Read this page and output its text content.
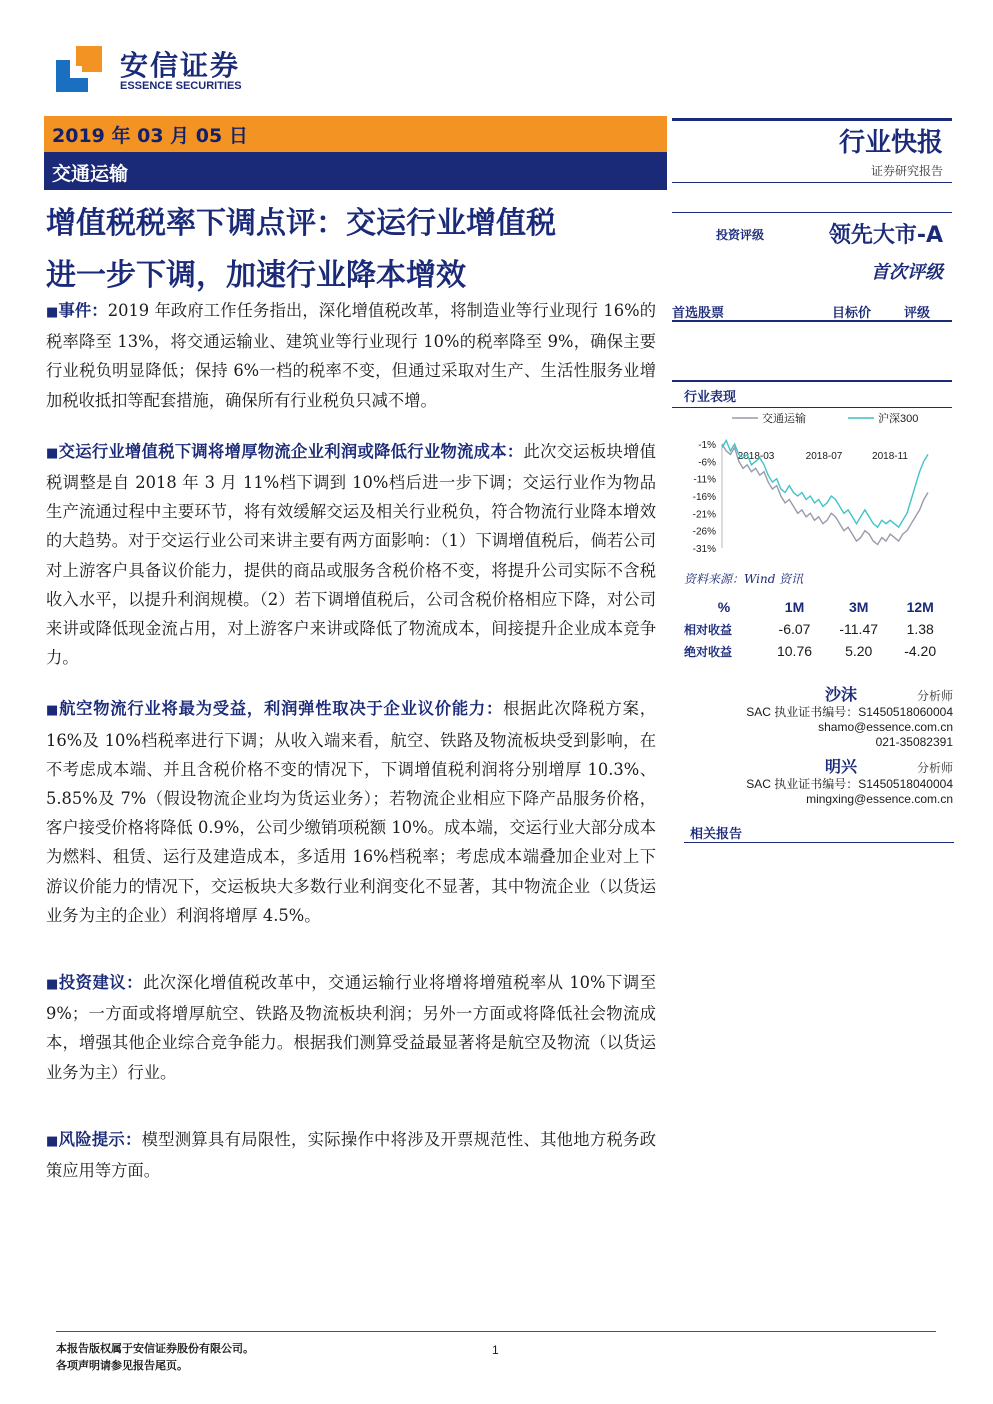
安信证券
ESSENCE SECURITIES
2019 年 03 月 05 日
交通运输
行业快报
证券研究报告
增值税税率下调点评：交运行业增值税
进一步下调，加速行业降本增效

■事件：2019 年政府工作任务指出，深化增值税改革，将制造业等行业现行 16%的税率降至 13%，将交通运输业、建筑业等行业现行 10%的税率降至 9%，确保主要行业税负明显降低；保持 6%一档的税率不变，但通过采取对生产、生活性服务业增加税收抵扣等配套措施，确保所有行业税负只减不增。

■交运行业增值税下调将增厚物流企业利润或降低行业物流成本：此次交运板块增值税调整是自 2018 年 3 月 11%档下调到 10%档后进一步下调；交运行业作为物品生产流通过程中主要环节，将有效缓解交运及相关行业税负，符合物流行业降本增效的大趋势。对于交运行业公司来讲主要有两方面影响：（1）下调增值税后，倘若公司对上游客户具备议价能力，提供的商品或服务含税价格不变，将提升公司实际不含税收入水平，以提升利润规模。（2）若下调增值税后，公司含税价格相应下降，对公司来讲或降低现金流占用，对上游客户来讲或降低了物流成本，间接提升企业成本竞争力。

■航空物流行业将最为受益，利润弹性取决于企业议价能力：根据此次降税方案，16%及 10%档税率进行下调；从收入端来看，航空、铁路及物流板块受到影响，在不考虑成本端、并且含税价格不变的情况下，下调增值税利润将分别增厚 10.3%、5.85%及 7%（假设物流企业均为货运业务）；若物流企业相应下降产品服务价格，客户接受价格将降低 0.9%，公司少缴销项税额 10%。成本端，交运行业大部分成本为燃料、租赁、运行及建造成本，多适用 16%档税率；考虑成本端叠加企业对上下游议价能力的情况下，交运板块大多数行业利润变化不显著，其中物流企业（以货运业务为主的企业）利润将增厚 4.5%。

■投资建议：此次深化增值税改革中，交通运输行业将增将增殖税率从 10%下调至 9%；一方面或将增厚航空、铁路及物流板块利润；另外一方面或将降低社会物流成本，增强其他企业综合竞争能力。根据我们测算受益最显著将是航空及物流（以货运业务为主）行业。

■风险提示：模型测算具有局限性，实际操作中将涉及开票规范性、其他地方税务政策应用等方面。

投资评级	领先大市-A
首次评级
首选股票	目标价	评级
行业表现
交通运输	沪深300
-1%
-6%
-11%
-16%
-21%
-26%
-31%
2018-03	2018-07	2018-11
资料来源：Wind 资讯
%	1M	3M	12M
相对收益	-6.07	-11.47	1.38
绝对收益	10.76	5.20	-4.20
沙沫	分析师
SAC 执业证书编号：S1450518060004
shamo@essence.com.cn
021-35082391
明兴	分析师
SAC 执业证书编号：S1450518040004
mingxing@essence.com.cn
相关报告
本报告版权属于安信证券股份有限公司。
各项声明请参见报告尾页。
1
